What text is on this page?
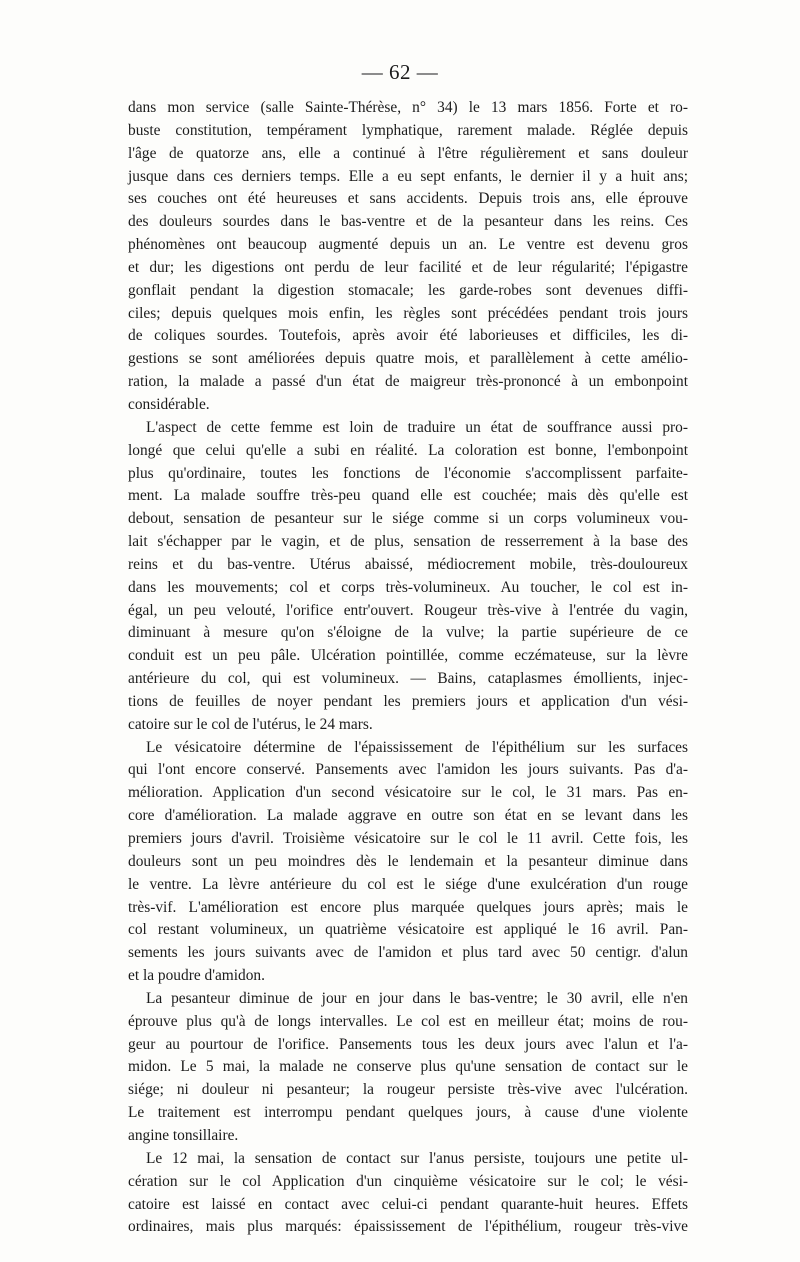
— 62 —
dans mon service (salle Sainte-Thérèse, n° 34) le 13 mars 1856. Forte et ro-
buste constitution, tempérament lymphatique, rarement malade. Réglée depuis
l'âge de quatorze ans, elle a continué à l'être régulièrement et sans douleur
jusque dans ces derniers temps. Elle a eu sept enfants, le dernier il y a huit ans;
ses couches ont été heureuses et sans accidents. Depuis trois ans, elle éprouve
des douleurs sourdes dans le bas-ventre et de la pesanteur dans les reins. Ces
phénomènes ont beaucoup augmenté depuis un an. Le ventre est devenu gros
et dur; les digestions ont perdu de leur facilité et de leur régularité; l'épigastre
gonflait pendant la digestion stomacale; les garde-robes sont devenues diffi-
ciles; depuis quelques mois enfin, les règles sont précédées pendant trois jours
de coliques sourdes. Toutefois, après avoir été laborieuses et difficiles, les di-
gestions se sont améliorées depuis quatre mois, et parallèlement à cette amélio-
ration, la malade a passé d'un état de maigreur très-prononcé à un embonpoint
considérable.
L'aspect de cette femme est loin de traduire un état de souffrance aussi pro-
longé que celui qu'elle a subi en réalité. La coloration est bonne, l'embonpoint
plus qu'ordinaire, toutes les fonctions de l'économie s'accomplissent parfaite-
ment. La malade souffre très-peu quand elle est couchée; mais dès qu'elle est
debout, sensation de pesanteur sur le siége comme si un corps volumineux vou-
lait s'échapper par le vagin, et de plus, sensation de resserrement à la base des
reins et du bas-ventre. Utérus abaissé, médiocrement mobile, très-douloureux
dans les mouvements; col et corps très-volumineux. Au toucher, le col est in-
égal, un peu velouté, l'orifice entr'ouvert. Rougeur très-vive à l'entrée du vagin,
diminuant à mesure qu'on s'éloigne de la vulve; la partie supérieure de ce
conduit est un peu pâle. Ulcération pointillée, comme eczémateuse, sur la lèvre
antérieure du col, qui est volumineux. — Bains, cataplasmes émollients, injec-
tions de feuilles de noyer pendant les premiers jours et application d'un vési-
catoire sur le col de l'utérus, le 24 mars.
Le vésicatoire détermine de l'épaississement de l'épithélium sur les surfaces
qui l'ont encore conservé. Pansements avec l'amidon les jours suivants. Pas d'a-
mélioration. Application d'un second vésicatoire sur le col, le 31 mars. Pas en-
core d'amélioration. La malade aggrave en outre son état en se levant dans les
premiers jours d'avril. Troisième vésicatoire sur le col le 11 avril. Cette fois, les
douleurs sont un peu moindres dès le lendemain et la pesanteur diminue dans
le ventre. La lèvre antérieure du col est le siége d'une exulcération d'un rouge
très-vif. L'amélioration est encore plus marquée quelques jours après; mais le
col restant volumineux, un quatrième vésicatoire est appliqué le 16 avril. Pan-
sements les jours suivants avec de l'amidon et plus tard avec 50 centigr. d'alun
et la poudre d'amidon.
La pesanteur diminue de jour en jour dans le bas-ventre; le 30 avril, elle n'en
éprouve plus qu'à de longs intervalles. Le col est en meilleur état; moins de rou-
geur au pourtour de l'orifice. Pansements tous les deux jours avec l'alun et l'a-
midon. Le 5 mai, la malade ne conserve plus qu'une sensation de contact sur le
siége; ni douleur ni pesanteur; la rougeur persiste très-vive avec l'ulcération.
Le traitement est interrompu pendant quelques jours, à cause d'une violente
angine tonsillaire.
Le 12 mai, la sensation de contact sur l'anus persiste, toujours une petite ul-
cération sur le col Application d'un cinquième vésicatoire sur le col; le vési-
catoire est laissé en contact avec celui-ci pendant quarante-huit heures. Effets
ordinaires, mais plus marqués: épaississement de l'épithélium, rougeur très-vive
